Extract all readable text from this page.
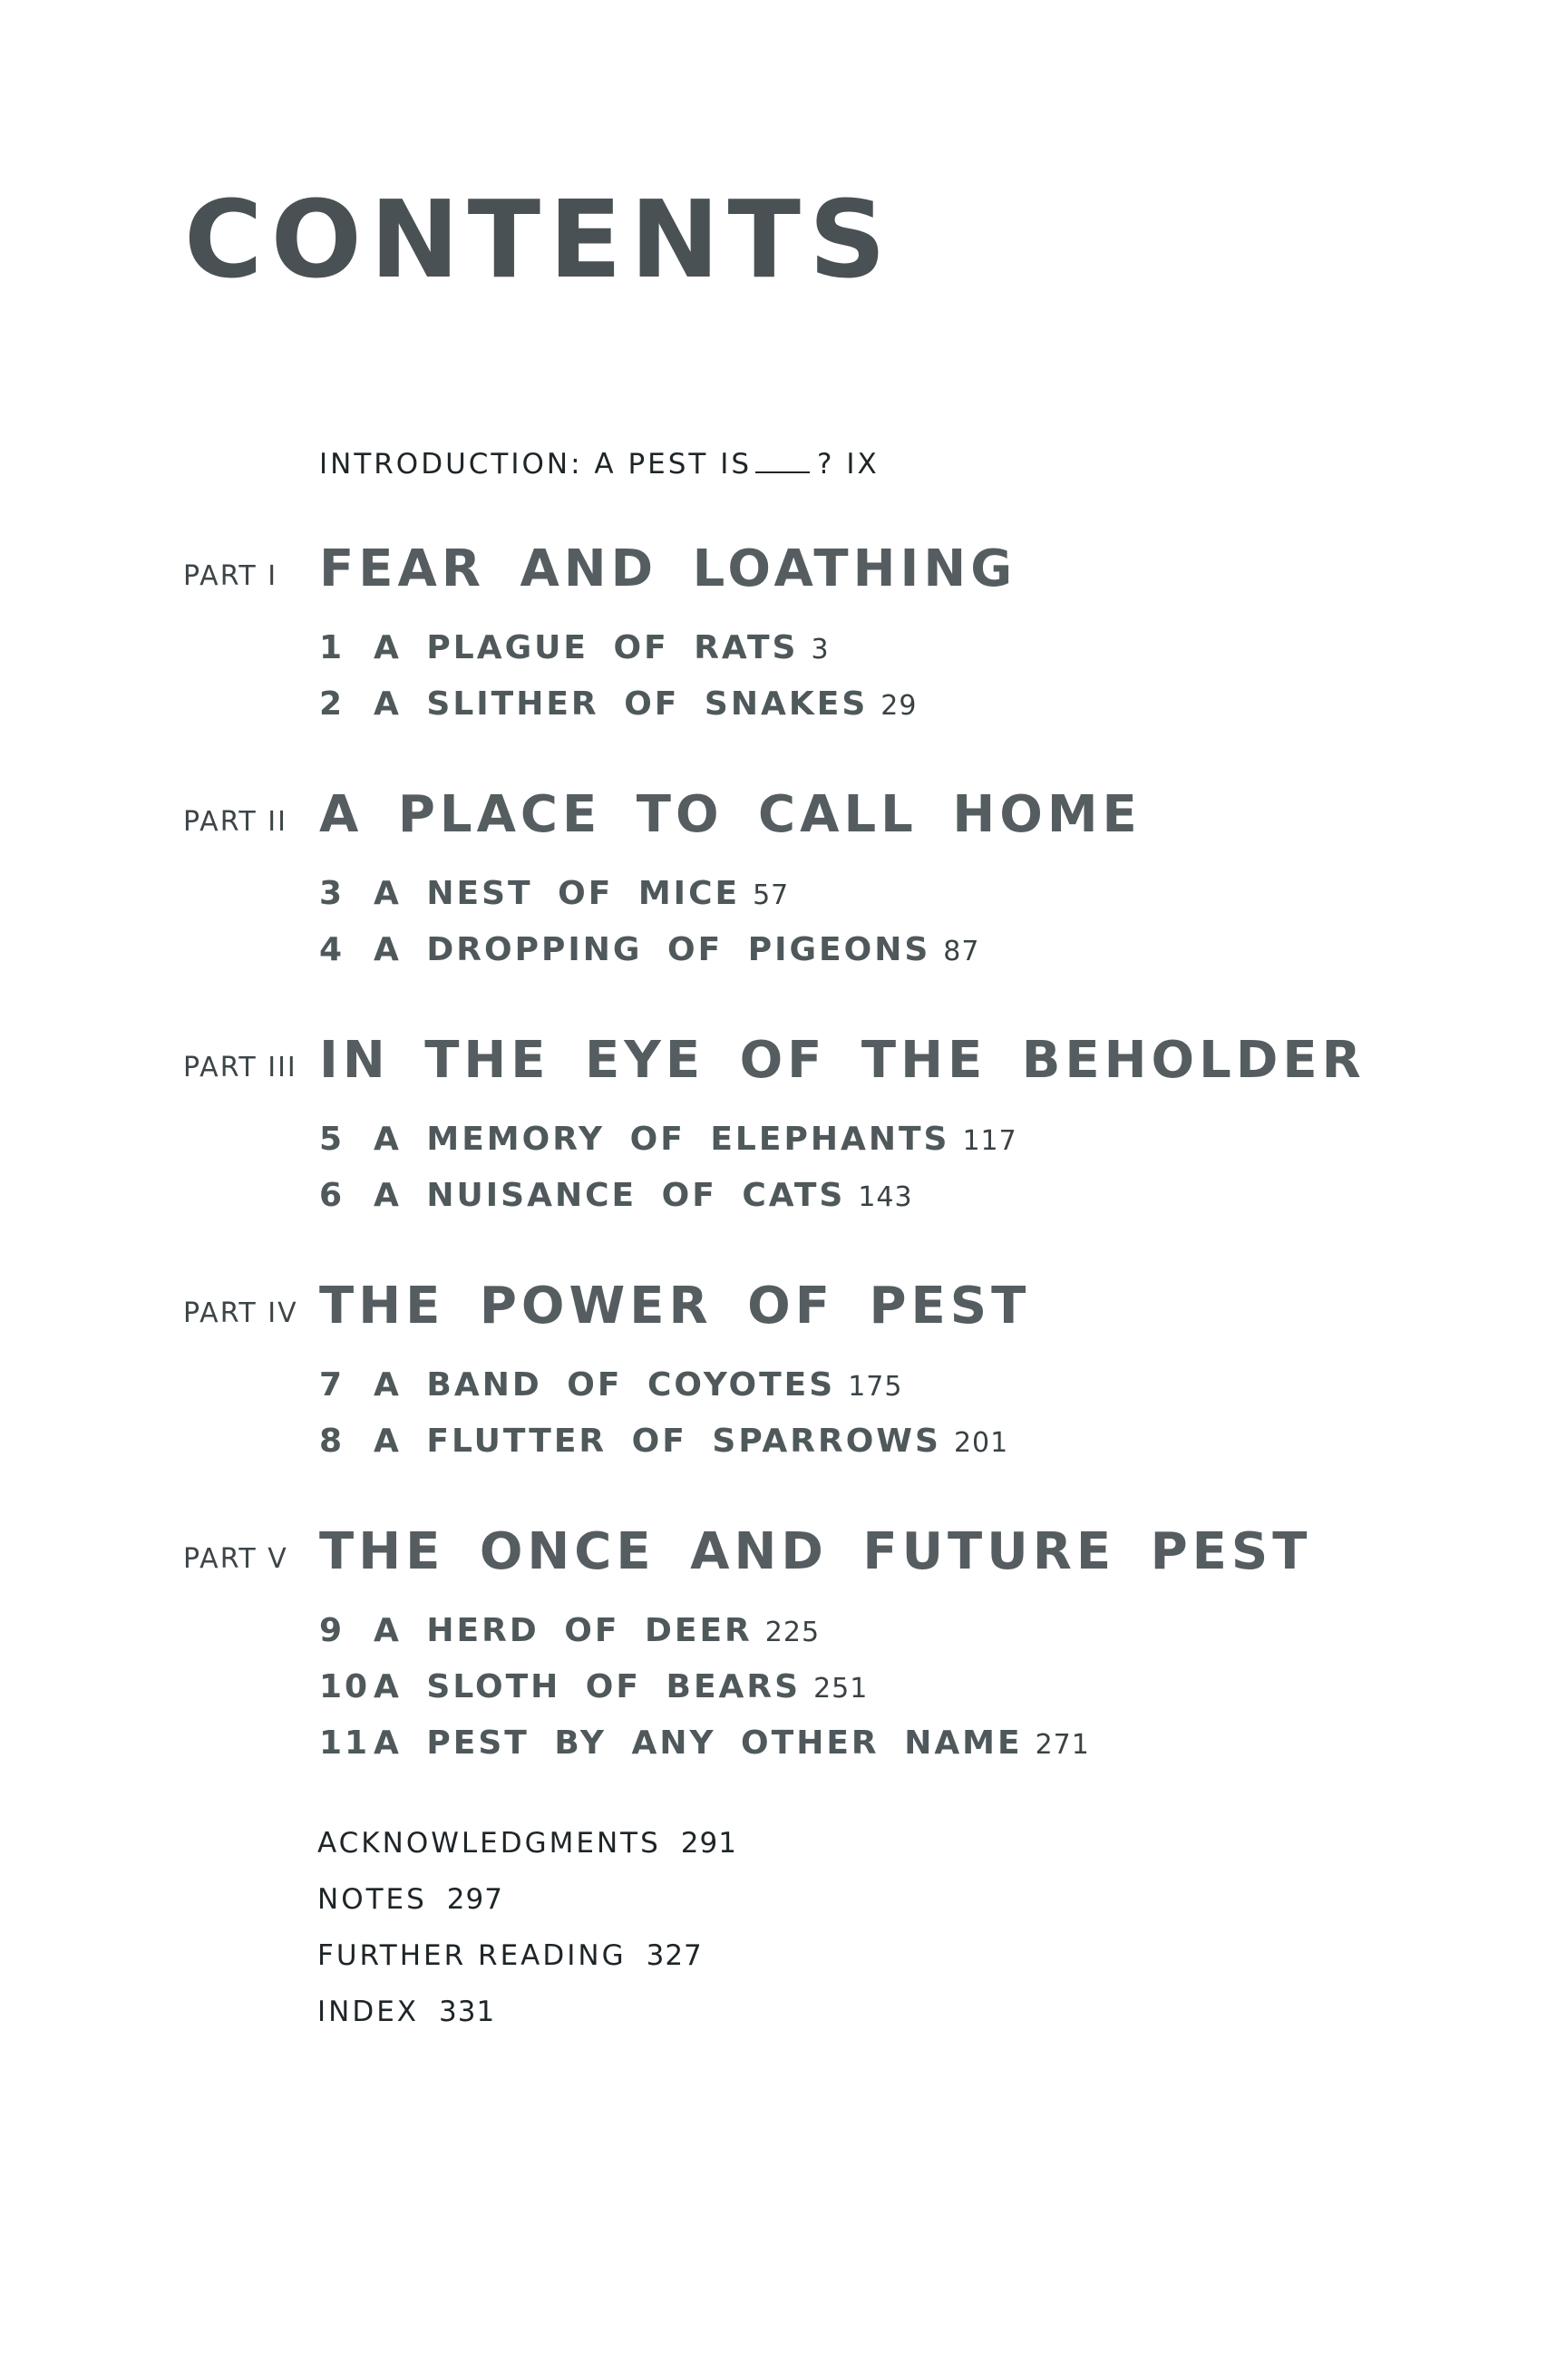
CONTENTS
INTRODUCTION: A PEST IS ? IX
PART I FEAR AND LOATHING
1 A PLAGUE OF RATS 3
2 A SLITHER OF SNAKES 29
PART II A PLACE TO CALL HOME
3 A NEST OF MICE 57
4 A DROPPING OF PIGEONS 87
PART III IN THE EYE OF THE BEHOLDER
5 A MEMORY OF ELEPHANTS 117
6 A NUISANCE OF CATS 143
PART IV THE POWER OF PEST
7 A BAND OF COYOTES 175
8 A FLUTTER OF SPARROWS 201
PART V THE ONCE AND FUTURE PEST
9 A HERD OF DEER 225
10 A SLOTH OF BEARS 251
11 A PEST BY ANY OTHER NAME 271
ACKNOWLEDGMENTS 291
NOTES 297
FURTHER READING 327
INDEX 331
